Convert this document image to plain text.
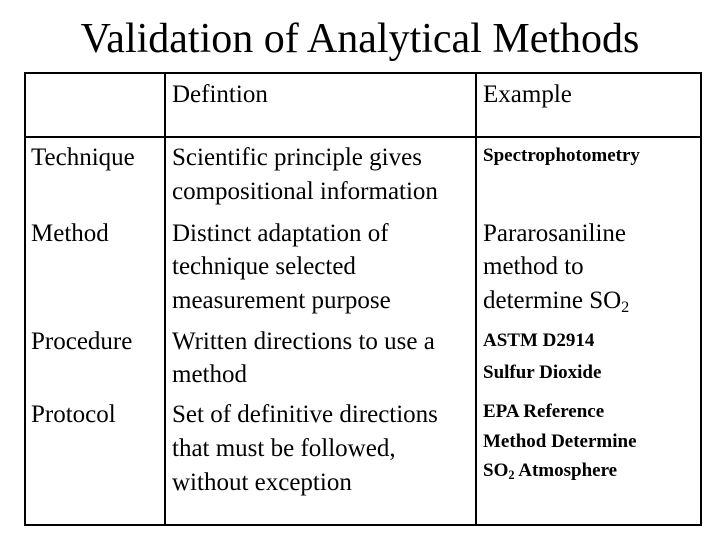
Validation of Analytical Methods
Defintion	Example
Technique Scientific principle gives
compositional information
Spectrophotometry
Method	Distinct adaptation of
technique selected
measurement purpose
Pararosaniline
method to
determine $SO_2$
Procedure Written directions to use a
method
ASTM D2914
Sulfur Dioxide
Protocol Set of definitive directions
that must be followed,
without exception
EPA Reference
Method Determine
$SO_2$ Atmosphere
